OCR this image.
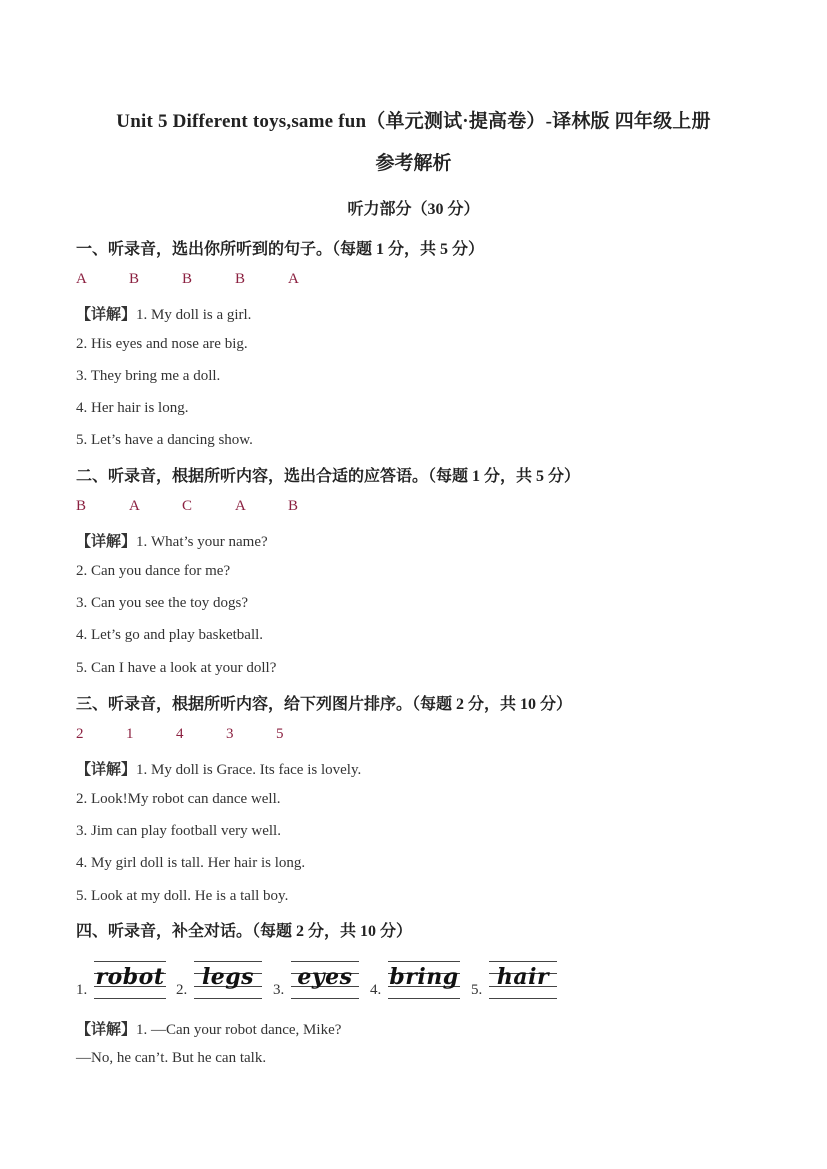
Unit 5 Different toys,same fun（单元测试·提高卷）-译林版 四年级上册
参考解析
听力部分（30 分）
一、听录音，选出你所听到的句子。（每题 1 分，共 5 分）
A	B	B	B	A
【详解】1. My doll is a girl.
2. His eyes and nose are big.
3. They bring me a doll.
4. Her hair is long.
5. Let’s have a dancing show.
二、听录音，根据所听内容，选出合适的应答语。（每题 1 分，共 5 分）
B	A	C	A	B
【详解】1. What’s your name?
2. Can you dance for me?
3. Can you see the toy dogs?
4. Let’s go and play basketball.
5. Can I have a look at your doll?
三、听录音，根据所听内容，给下列图片排序。（每题 2 分，共 10 分）
2	1	4	3	5
【详解】1. My doll is Grace. Its face is lovely.
2. Look!My robot can dance well.
3. Jim can play football very well.
4. My girl doll is tall. Her hair is long.
5. Look at my doll. He is a tall boy.
四、听录音，补全对话。（每题 2 分，共 10 分）
1. robot 2. legs	3. eyes	4. bring 5. hair
【详解】1. —Can your robot dance, Mike?
—No, he can’t. But he can talk.
